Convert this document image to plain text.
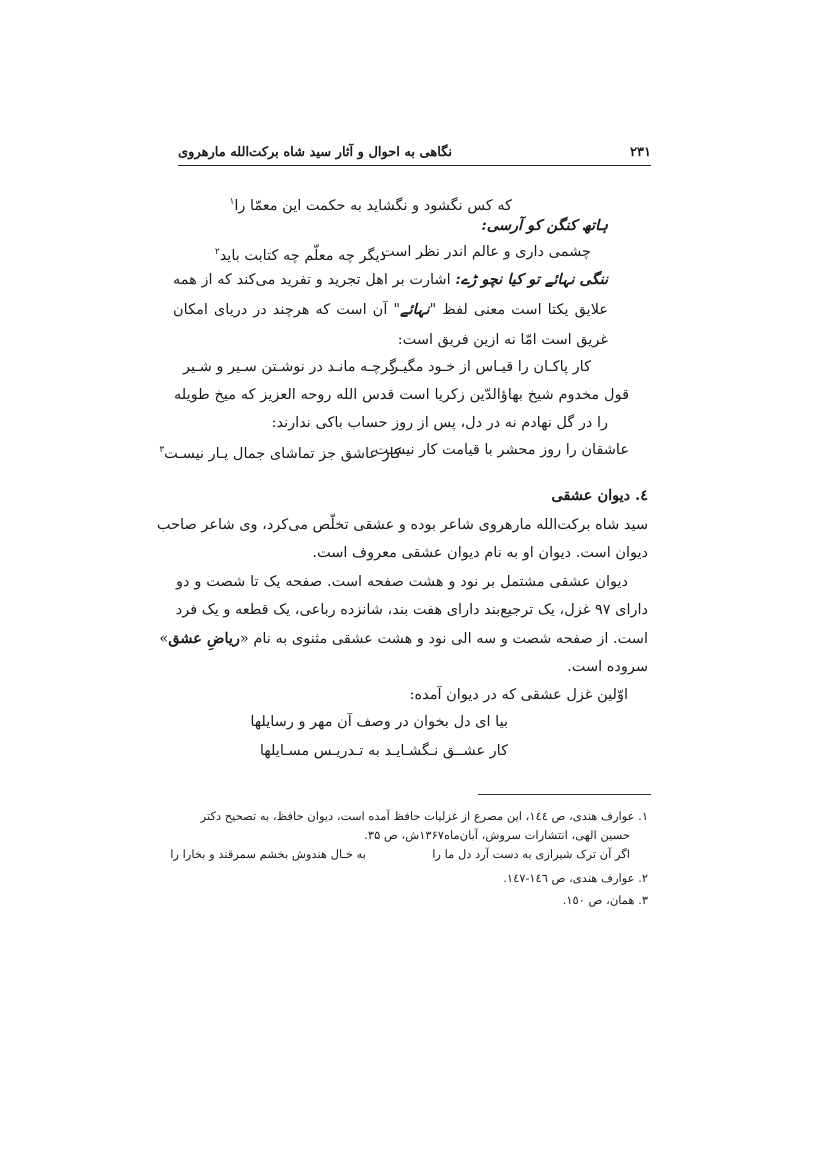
۲۳۱
نگاهی به احوال و آثار سید شاه برکت‌الله مارهروی
که کس نگشود و نگشاید به حکمت این معمّا را$^۱$
ہاتھ کنگن کو آرسی:
چشمی داری و عالم اندر نظر است
دیگر چه معلّم چه کتابت باید$^۲$
ننگی نہائے تو کیا نچو ڑے: اشارت بر اهل تجرید و تفرید می‌کند که از همه
علایق یکتا است معنی لفظ "نہائے" آن است که هرچند در دریای امکان
غریق است امّا نه ازین فریق است:
کار پاکـان را قیـاس از خـود مگیـر
گرچـه مانـد در نوشـتن سـیر و شـیر
قول مخدوم شیخ بهاؤالدّین زکریا است قدس الله روحه العزیز که میخ طویله
را در گل نهادم نه در دل، پس از روز حساب باکی ندارند:
عاشقان را روز محشر با قیامت کار نیسـت
کار عاشق جز تماشای جمال یـار نیسـت$^۳$
٤. دیوان عشقی
سید شاه برکت‌الله مارهروی شاعر بوده و عشقی تخلّص می‌کرد، وی شاعر صاحب
دیوان است. دیوان او به نام دیوان عشقی معروف است.
دیوان عشقی مشتمل بر نود و هشت صفحه است. صفحه یک تا شصت و دو
دارای ۹۷ غزل، یک ترجیع‌بند دارای هفت بند، شانزده رباعی، یک قطعه و یک فرد
است. از صفحه شصت و سه الی نود و هشت عشقی مثنوی به نام «ریاضِ عشق»
سروده است.
اوّلین غزل عشقی که در دیوان آمده:
بیا ای دل بخوان در وصف آن مهر و رسایلها
کار عشــق نـگشـایـد به تـدریـس مسـایلها
۱. عوارف هندی، ص ١٤٤، این مصرع از غزلیات حافظ آمده است، دیوان حافظ، به تصحیح دکتر
حسین الهی، انتشارات سروش، آبان‌ماه۱۳۶۷ش، ص ۳۵.
اگر آن ترک شیرازی به دست آرد دل ما را
به خـال هندوش بخشم سمرقند و بخارا را
۲. عوارف هندی، ص ١٤٦-١٤٧.
۳. همان، ص ١٥٠.
